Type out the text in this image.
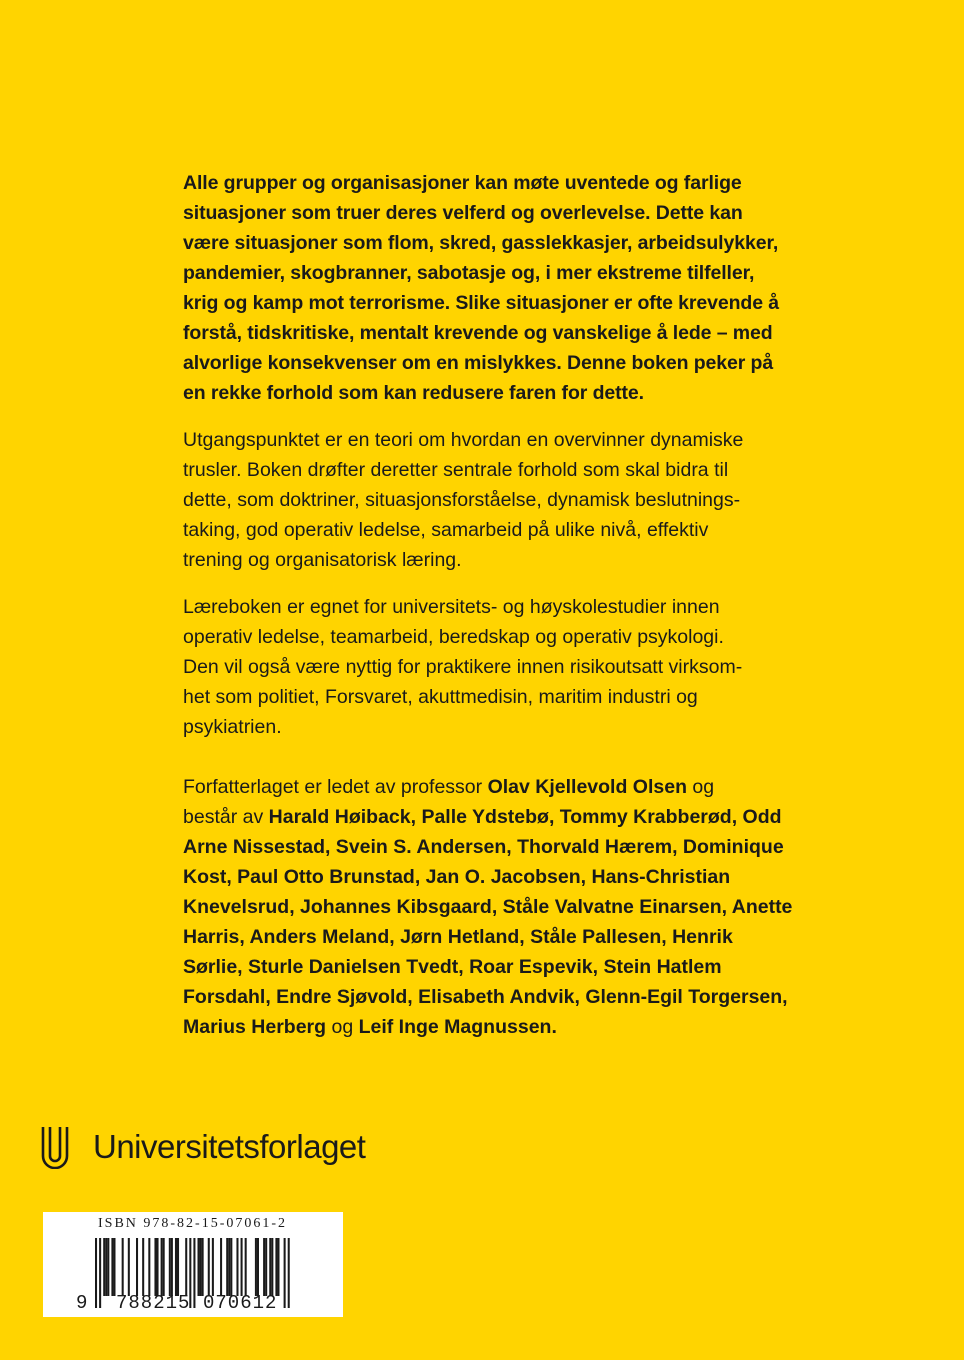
Alle grupper og organisasjoner kan møte uventede og farlige
situasjoner som truer deres velferd og overlevelse. Dette kan
være situasjoner som flom, skred, gasslekkasjer, arbeidsulykker,
pandemier, skogbranner, sabotasje og, i mer ekstreme tilfeller,
krig og kamp mot terrorisme. Slike situasjoner er ofte krevende å
forstå, tidskritiske, mentalt krevende og vanskelige å lede – med
alvorlige konsekvenser om en mislykkes. Denne boken peker på
en rekke forhold som kan redusere faren for dette.
Utgangspunktet er en teori om hvordan en overvinner dynamiske
trusler. Boken drøfter deretter sentrale forhold som skal bidra til
dette, som doktriner, situasjonsforståelse, dynamisk beslutnings-
taking, god operativ ledelse, samarbeid på ulike nivå, effektiv
trening og organisatorisk læring.
Læreboken er egnet for universitets- og høyskolestudier innen
operativ ledelse, teamarbeid, beredskap og operativ psykologi.
Den vil også være nyttig for praktikere innen risikoutsatt virksom-
het som politiet, Forsvaret, akuttmedisin, maritim industri og
psykiatrien.
Forfatterlaget er ledet av professor Olav Kjellevold Olsen og
består av Harald Høiback, Palle Ydstebø, Tommy Krabberød, Odd
Arne Nissestad, Svein S. Andersen, Thorvald Hærem, Dominique
Kost, Paul Otto Brunstad, Jan O. Jacobsen, Hans-Christian
Knevelsrud, Johannes Kibsgaard, Ståle Valvatne Einarsen, Anette
Harris, Anders Meland, Jørn Hetland, Ståle Pallesen, Henrik
Sørlie, Sturle Danielsen Tvedt, Roar Espevik, Stein Hatlem
Forsdahl, Endre Sjøvold, Elisabeth Andvik, Glenn-Egil Torgersen,
Marius Herberg og Leif Inge Magnussen.
Universitetsforlaget
ISBN 978-82-15-07061-2
9 788215 070612
